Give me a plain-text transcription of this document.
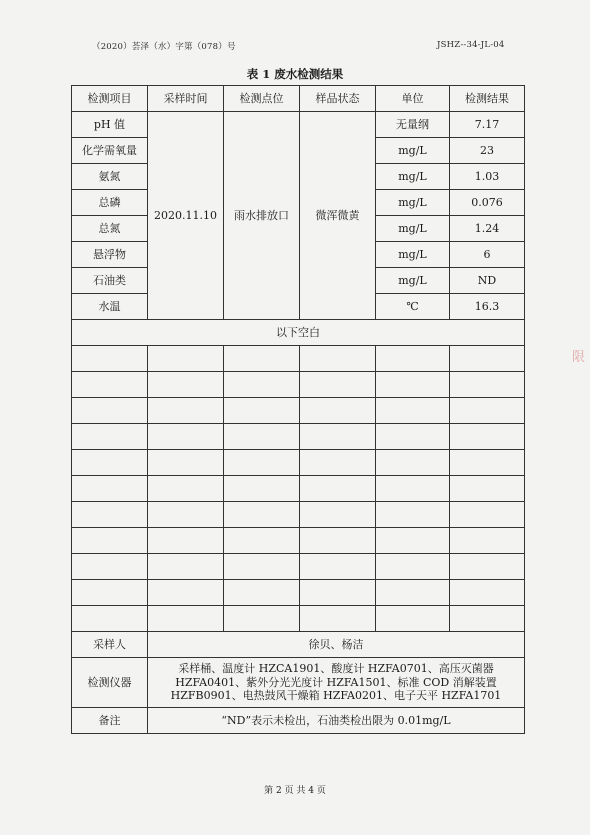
（2020）荟泽（水）字第（078）号	JSHZ--34-JL-04
表 1 废水检测结果
检测项目	采样时间	检测点位	样品状态	单位	检测结果
pH 值	2020.11.10	雨水排放口	微浑微黄	无量纲	7.17
化学需氧量				mg/L	23
氨氮				mg/L	1.03
总磷				mg/L	0.076
总氮				mg/L	1.24
悬浮物				mg/L	6
石油类				mg/L	ND
水温				℃	16.3
以下空白					

采样人	徐贝、杨洁				
检测仪器	采样桶、温度计 HZCA1901、酸度计 HZFA0701、高压灭菌器 HZFA0401、紫外分光光度计 HZFA1501、标准 COD 消解装置 HZFB0901、电热鼓风干燥箱 HZFA0201、电子天平 HZFA1701				
备注	“ND”表示未检出，石油类检出限为 0.01mg/L				
第 2 页 共 4 页
限
